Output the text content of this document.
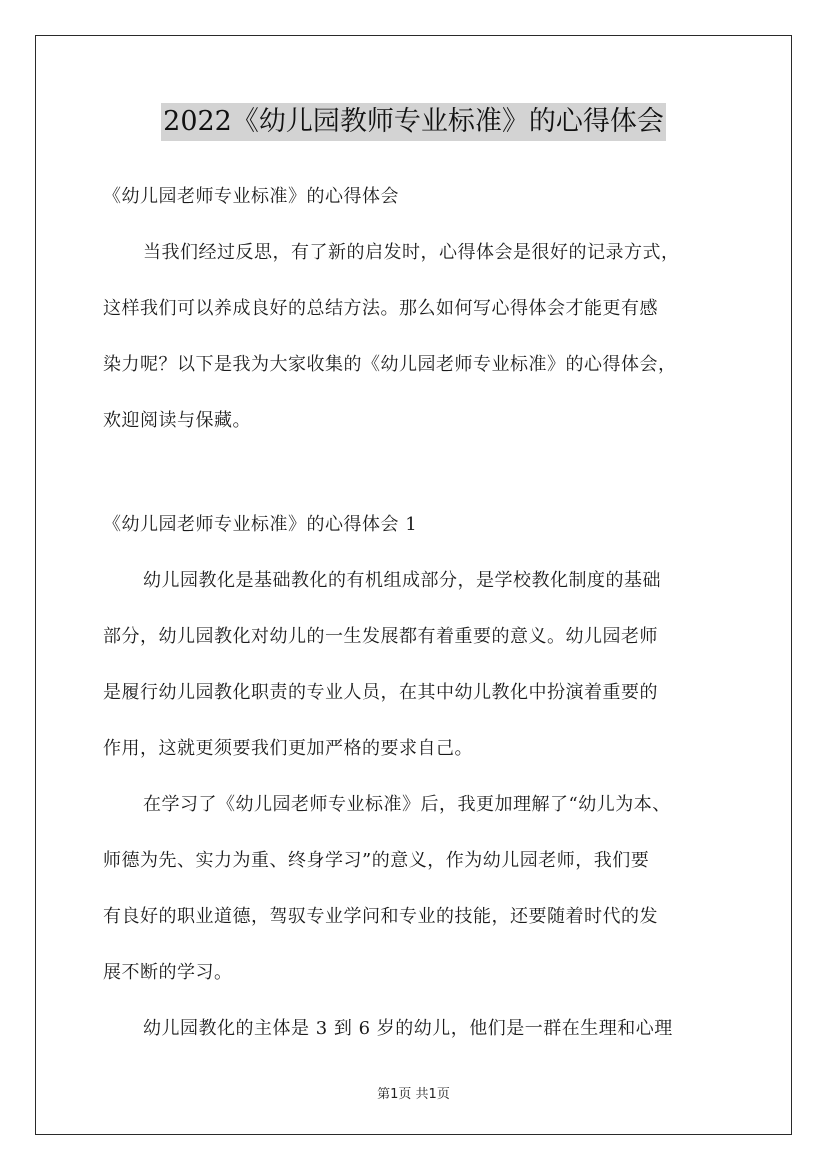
2022《幼儿园教师专业标准》的心得体会

《幼儿园老师专业标准》的心得体会

当我们经过反思，有了新的启发时，心得体会是很好的记录方式，
这样我们可以养成良好的总结方法。那么如何写心得体会才能更有感
染力呢？以下是我为大家收集的《幼儿园老师专业标准》的心得体会，
欢迎阅读与保藏。

《幼儿园老师专业标准》的心得体会 1

幼儿园教化是基础教化的有机组成部分，是学校教化制度的基础
部分，幼儿园教化对幼儿的一生发展都有着重要的意义。幼儿园老师
是履行幼儿园教化职责的专业人员，在其中幼儿教化中扮演着重要的
作用，这就更须要我们更加严格的要求自己。
在学习了《幼儿园老师专业标准》后，我更加理解了“幼儿为本、
师德为先、实力为重、终身学习”的意义，作为幼儿园老师，我们要
有良好的职业道德，驾驭专业学问和专业的技能，还要随着时代的发
展不断的学习。
幼儿园教化的主体是 3 到 6 岁的幼儿，他们是一群在生理和心理
第1页 共1页
